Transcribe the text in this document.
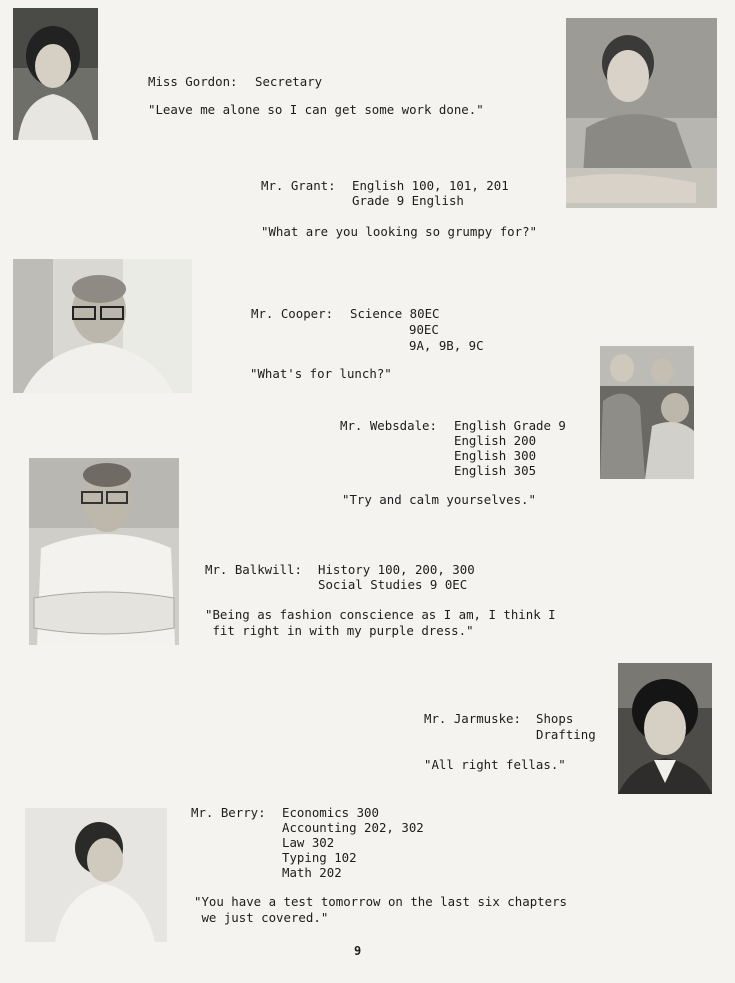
Miss Gordon: Secretary
"Leave me alone so I can get some work done."
Mr. Grant: English 100, 101, 201
Grade 9 English
"What are you looking so grumpy for?"
Mr. Cooper: Science 80EC
90EC
9A, 9B, 9C
"What's for lunch?"
Mr. Websdale: English Grade 9
English 200
English 300
English 305
"Try and calm yourselves."
Mr. Balkwill: History 100, 200, 300
Social Studies 9 0EC
"Being as fashion conscience as I am, I think I
fit right in with my purple dress."
Mr. Jarmuske: Shops
Drafting
"All right fellas."
Mr. Berry: Economics 300
Accounting 202, 302
Law 302
Typing 102
Math 202
"You have a test tomorrow on the last six chapters
we just covered."
9
